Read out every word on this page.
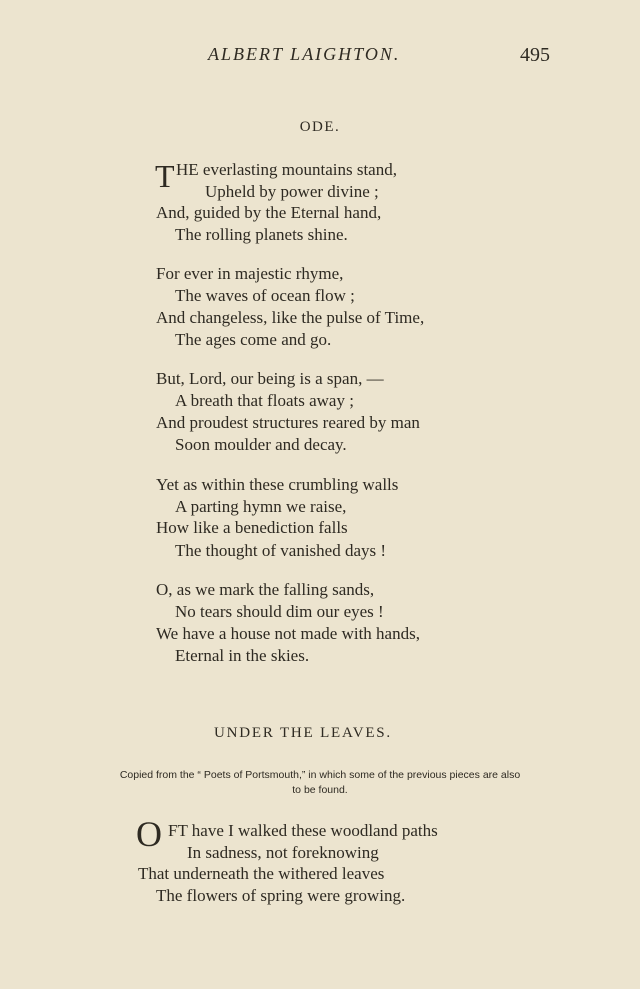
ALBERT LAIGHTON.	495
ODE.
T HE everlasting mountains stand,
Upheld by power divine ;
And, guided by the Eternal hand,
The rolling planets shine.
For ever in majestic rhyme,
The waves of ocean flow ;
And changeless, like the pulse of Time,
The ages come and go.
But, Lord, our being is a span, —
A breath that floats away ;
And proudest structures reared by man
Soon moulder and decay.
Yet as within these crumbling walls
A parting hymn we raise,
How like a benediction falls
The thought of vanished days !
O, as we mark the falling sands,
No tears should dim our eyes !
We have a house not made with hands,
Eternal in the skies.
UNDER THE LEAVES.
Copied from the “ Poets of Portsmouth,” in which some of the previous pieces are also
to be found.
O FT have I walked these woodland paths
In sadness, not foreknowing
That underneath the withered leaves
The flowers of spring were growing.
